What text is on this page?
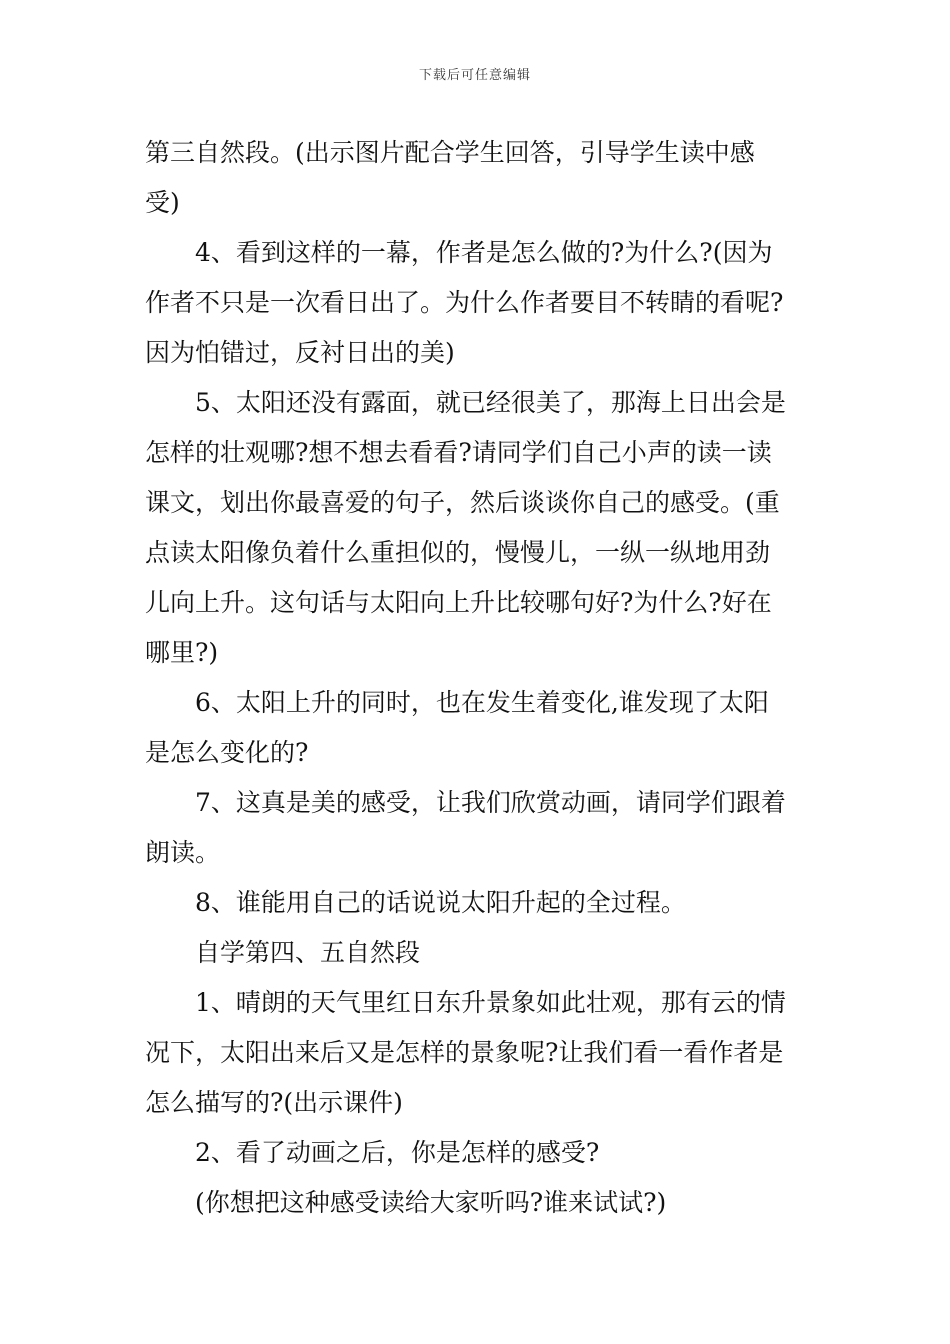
下载后可任意编辑
第三自然段。(出示图片配合学生回答，引导学生读中感
受)
4、看到这样的一幕，作者是怎么做的?为什么?(因为
作者不只是一次看日出了。为什么作者要目不转睛的看呢?
因为怕错过，反衬日出的美)
5、太阳还没有露面，就已经很美了，那海上日出会是
怎样的壮观哪?想不想去看看?请同学们自己小声的读一读
课文，划出你最喜爱的句子，然后谈谈你自己的感受。(重
点读太阳像负着什么重担似的，慢慢儿，一纵一纵地用劲
儿向上升。这句话与太阳向上升比较哪句好?为什么?好在
哪里?)
6、太阳上升的同时，也在发生着变化,谁发现了太阳
是怎么变化的?
7、这真是美的感受，让我们欣赏动画，请同学们跟着
朗读。
8、谁能用自己的话说说太阳升起的全过程。
自学第四、五自然段
1、晴朗的天气里红日东升景象如此壮观，那有云的情
况下，太阳出来后又是怎样的景象呢?让我们看一看作者是
怎么描写的?(出示课件)
2、看了动画之后，你是怎样的感受?
(你想把这种感受读给大家听吗?谁来试试?)
